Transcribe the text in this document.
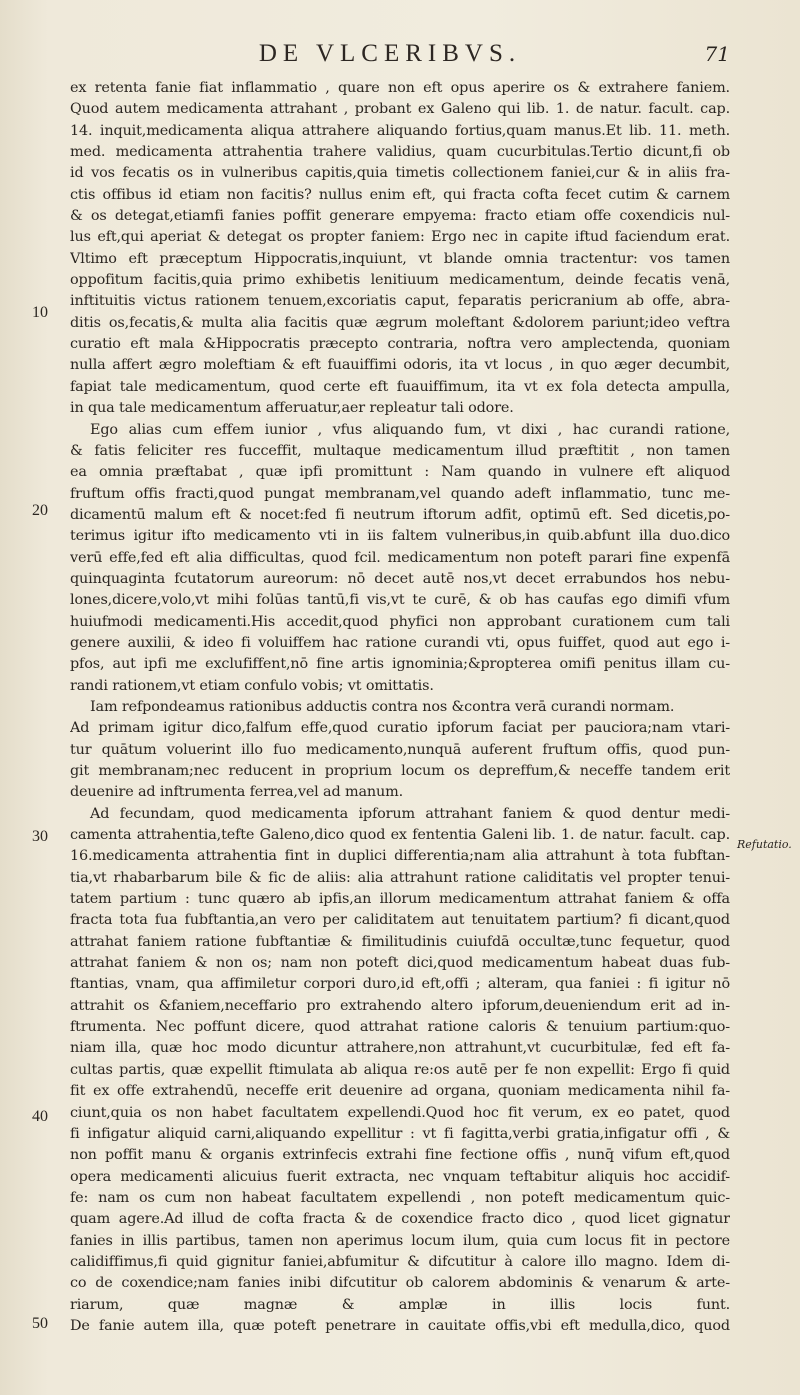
DE VLCERIBVS.	71
10
20
30
40
50
Refutatio.
ex retenta fanie fiat inflammatio , quare non eft opus aperire os & extrahere faniem.
Quod autem medicamenta attrahant , probant ex Galeno qui lib. 1. de natur. facult. cap.
14. inquit,medicamenta aliqua attrahere aliquando fortius,quam manus.Et lib. 11. meth.
med. medicamenta attrahentia trahere validius, quam cucurbitulas.Tertio dicunt,fi ob
id vos fecatis os in vulneribus capitis,quia timetis collectionem faniei,cur & in aliis fra-
ctis offibus id etiam non facitis? nullus enim eft, qui fracta cofta fecet cutim & carnem
& os detegat,etiamfi fanies poffit generare empyema: fracto etiam offe coxendicis nul-
lus eft,qui aperiat & detegat os propter faniem: Ergo nec in capite iftud faciendum erat.
Vltimo eft præceptum Hippocratis,inquiunt, vt blande omnia tractentur: vos tamen
oppofitum facitis,quia primo exhibetis lenitiuum medicamentum, deinde fecatis venā,
inftituitis victus rationem tenuem,excoriatis caput, feparatis pericranium ab offe, abra-
ditis os,fecatis,& multa alia facitis quæ ægrum moleftant &dolorem pariunt;ideo veftra
curatio eft mala &Hippocratis præcepto contraria, noftra vero amplectenda, quoniam
nulla affert ægro moleftiam & eft fuauiffimi odoris, ita vt locus , in quo æger decumbit,
fapiat tale medicamentum, quod certe eft fuauiffimum, ita vt ex fola detecta ampulla,
in qua tale medicamentum afferuatur,aer repleatur tali odore.
Ego alias cum effem iunior , vfus aliquando fum, vt dixi , hac curandi ratione,
& fatis feliciter res fucceffit, multaque medicamentum illud præftitit , non tamen
ea omnia præftabat , quæ ipfi promittunt : Nam quando in vulnere eft aliquod
fruftum offis fracti,quod pungat membranam,vel quando adeft inflammatio, tunc me-
dicamentū malum eft & nocet:fed fi neutrum iftorum adfit, optimū eft. Sed dicetis,po-
terimus igitur ifto medicamento vti in iis faltem vulneribus,in quib.abfunt illa duo.dico
verū effe,fed eft alia difficultas, quod fcil. medicamentum non poteft parari fine expenfā
quinquaginta fcutatorum aureorum: nō decet autē nos,vt decet errabundos hos nebu-
lones,dicere,volo,vt mihi folūas tantū,fi vis,vt te curē, & ob has caufas ego dimifi vfum
huiufmodi medicamenti.His accedit,quod phyfici non approbant curationem cum tali
genere auxilii, & ideo fi voluiffem hac ratione curandi vti, opus fuiffet, quod aut ego i-
pfos, aut ipfi me exclufiffent,nō fine artis ignominia;&propterea omifi penitus illam cu-
randi rationem,vt etiam confulo vobis; vt omittatis.
Iam refpondeamus rationibus adductis contra nos &contra verā curandi normam.
Ad primam igitur dico,falfum effe,quod curatio ipforum faciat per pauciora;nam vtari-
tur quātum voluerint illo fuo medicamento,nunquā auferent fruftum offis, quod pun-
git membranam;nec reducent in proprium locum os depreffum,& neceffe tandem erit
deuenire ad inftrumenta ferrea,vel ad manum.
Ad fecundam, quod medicamenta ipforum attrahant faniem & quod dentur medi-
camenta attrahentia,tefte Galeno,dico quod ex fententia Galeni lib. 1. de natur. facult. cap.
16.medicamenta attrahentia fint in duplici differentia;nam alia attrahunt à tota fubftan-
tia,vt rhabarbarum bile & fic de aliis: alia attrahunt ratione caliditatis vel propter tenui-
tatem partium : tunc quæro ab ipfis,an illorum medicamentum attrahat faniem & offa
fracta tota fua fubftantia,an vero per caliditatem aut tenuitatem partium? fi dicant,quod
attrahat faniem ratione fubftantiæ & fimilitudinis cuiufdā occultæ,tunc fequetur, quod
attrahat faniem & non os; nam non poteft dici,quod medicamentum habeat duas fub-
ftantias, vnam, qua affimiletur corpori duro,id eft,offi ; alteram, qua faniei : fi igitur nō
attrahit os &faniem,neceffario pro extrahendo altero ipforum,deueniendum erit ad in-
ftrumenta. Nec poffunt dicere, quod attrahat ratione caloris & tenuium partium:quo-
niam illa, quæ hoc modo dicuntur attrahere,non attrahunt,vt cucurbitulæ, fed eft fa-
cultas partis, quæ expellit ftimulata ab aliqua re:os autē per fe non expellit: Ergo fi quid
fit ex offe extrahendū, neceffe erit deuenire ad organa, quoniam medicamenta nihil fa-
ciunt,quia os non habet facultatem expellendi.Quod hoc fit verum, ex eo patet, quod
fi infigatur aliquid carni,aliquando expellitur : vt fi fagitta,verbi gratia,infigatur offi , &
non poffit manu & organis extrinfecis extrahi fine fectione offis , nunq̄ vifum eft,quod
opera medicamenti alicuius fuerit extracta, nec vnquam teftabitur aliquis hoc accidif-
fe: nam os cum non habeat facultatem expellendi , non poteft medicamentum quic-
quam agere.Ad illud de cofta fracta & de coxendice fracto dico , quod licet gignatur
fanies in illis partibus, tamen non aperimus locum ilum, quia cum locus fit in pectore
calidiffimus,fi quid gignitur faniei,abfumitur & difcutitur à calore illo magno. Idem di-
co de coxendice;nam fanies inibi difcutitur ob calorem abdominis & venarum & arte-
riarum, quæ magnæ & amplæ in illis locis funt.
De fanie autem illa, quæ poteft penetrare in cauitate offis,vbi eft medulla,dico, quod
